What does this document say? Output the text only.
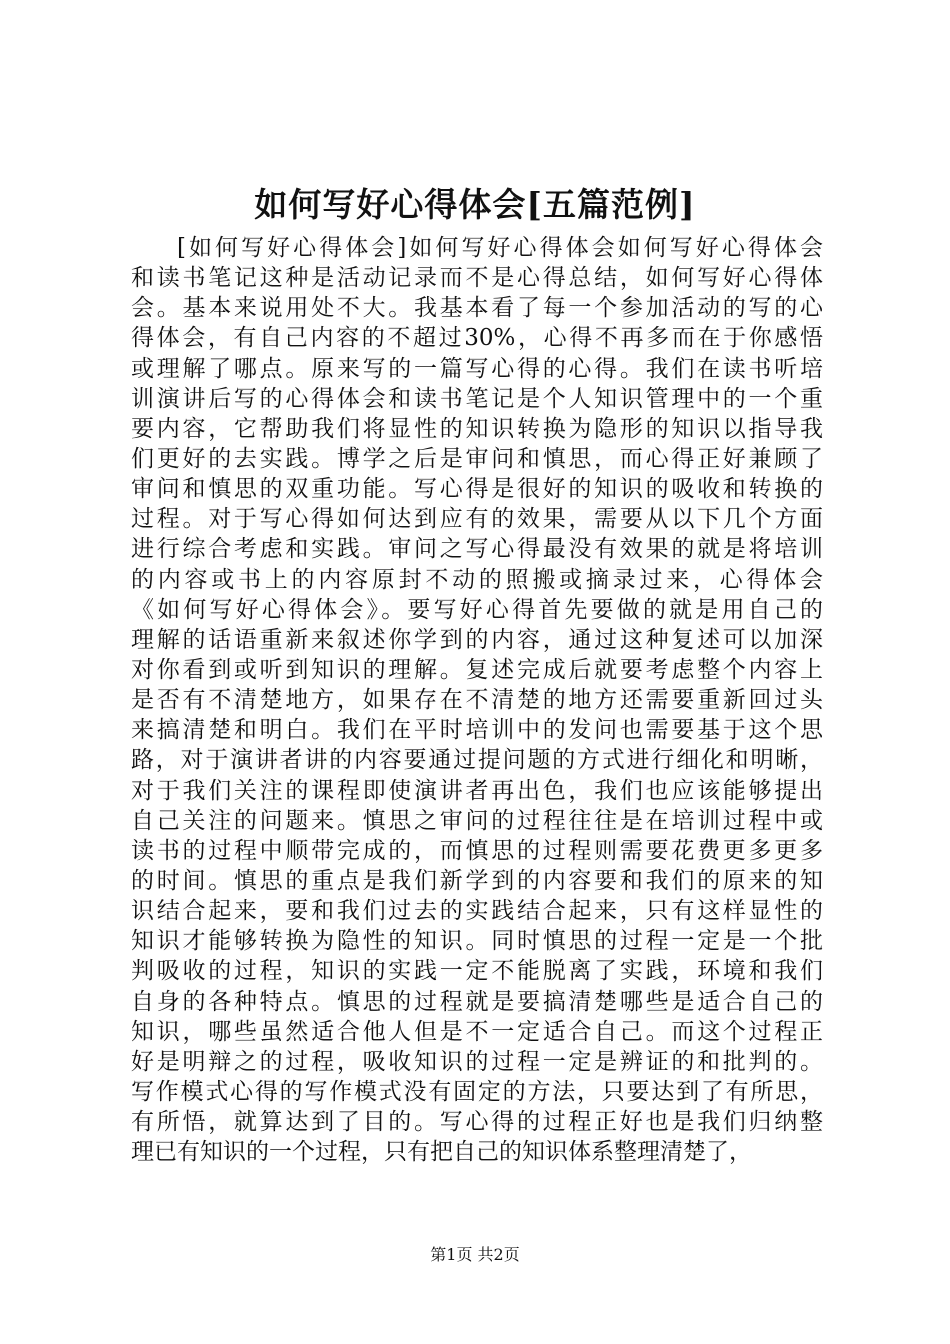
如何写好心得体会[五篇范例]
[如何写好心得体会]如何写好心得体会如何写好心得体会
和读书笔记这种是活动记录而不是心得总结，如何写好心得体
会。基本来说用处不大。我基本看了每一个参加活动的写的心
得体会，有自己内容的不超过30%，心得不再多而在于你感悟
或理解了哪点。原来写的一篇写心得的心得。我们在读书听培
训演讲后写的心得体会和读书笔记是个人知识管理中的一个重
要内容，它帮助我们将显性的知识转换为隐形的知识以指导我
们更好的去实践。博学之后是审问和慎思，而心得正好兼顾了
审问和慎思的双重功能。写心得是很好的知识的吸收和转换的
过程。对于写心得如何达到应有的效果，需要从以下几个方面
进行综合考虑和实践。审问之写心得最没有效果的就是将培训
的内容或书上的内容原封不动的照搬或摘录过来，心得体会
《如何写好心得体会》。要写好心得首先要做的就是用自己的
理解的话语重新来叙述你学到的内容，通过这种复述可以加深
对你看到或听到知识的理解。复述完成后就要考虑整个内容上
是否有不清楚地方，如果存在不清楚的地方还需要重新回过头
来搞清楚和明白。我们在平时培训中的发问也需要基于这个思
路，对于演讲者讲的内容要通过提问题的方式进行细化和明晰，
对于我们关注的课程即使演讲者再出色，我们也应该能够提出
自己关注的问题来。慎思之审问的过程往往是在培训过程中或
读书的过程中顺带完成的，而慎思的过程则需要花费更多更多
的时间。慎思的重点是我们新学到的内容要和我们的原来的知
识结合起来，要和我们过去的实践结合起来，只有这样显性的
知识才能够转换为隐性的知识。同时慎思的过程一定是一个批
判吸收的过程，知识的实践一定不能脱离了实践，环境和我们
自身的各种特点。慎思的过程就是要搞清楚哪些是适合自己的
知识，哪些虽然适合他人但是不一定适合自己。而这个过程正
好是明辩之的过程，吸收知识的过程一定是辨证的和批判的。
写作模式心得的写作模式没有固定的方法，只要达到了有所思，
有所悟，就算达到了目的。写心得的过程正好也是我们归纳整
理已有知识的一个过程，只有把自己的知识体系整理清楚了，
第1页 共2页
